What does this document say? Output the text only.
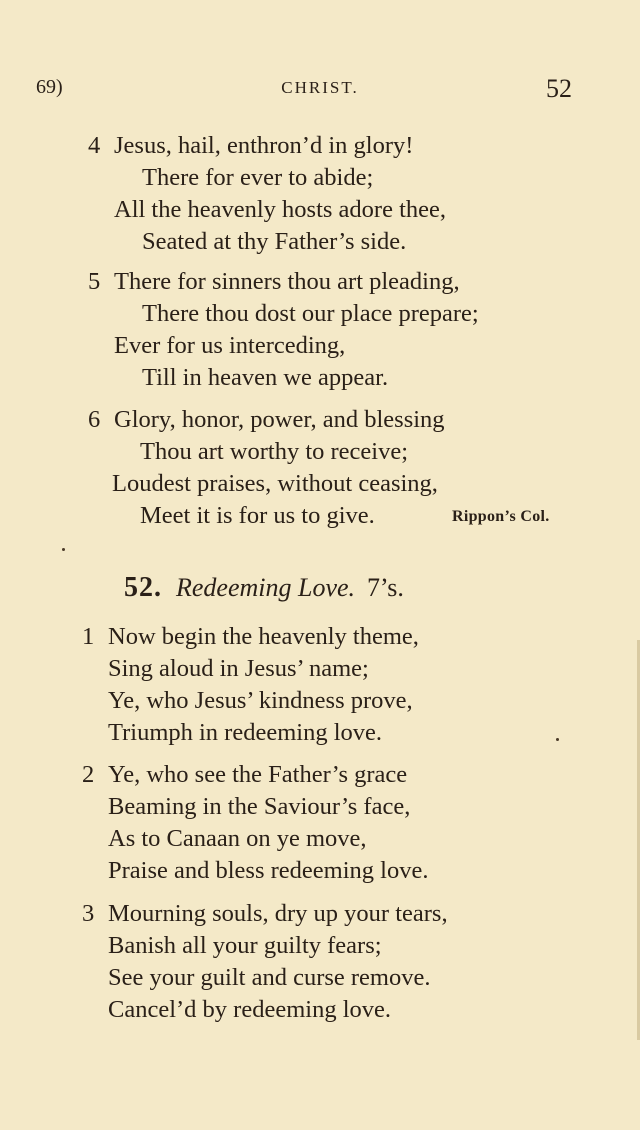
69)	CHRIST.	52
4 Jesus, hail, enthron’d in glory!
There for ever to abide;
All the heavenly hosts adore thee,
Seated at thy Father’s side.
5 There for sinners thou art pleading,
There thou dost our place prepare;
Ever for us interceding,
Till in heaven we appear.
6 Glory, honor, power, and blessing
Thou art worthy to receive;
Loudest praises, without ceasing,
Meet it is for us to give.	Rippon’s Col.
52. Redeeming Love. 7’s.
1 Now begin the heavenly theme,
Sing aloud in Jesus’ name;
Ye, who Jesus’ kindness prove,
Triumph in redeeming love.
2 Ye, who see the Father’s grace
Beaming in the Saviour’s face,
As to Canaan on ye move,
Praise and bless redeeming love.
3 Mourning souls, dry up your tears,
Banish all your guilty fears;
See your guilt and curse remove.
Cancel’d by redeeming love.
